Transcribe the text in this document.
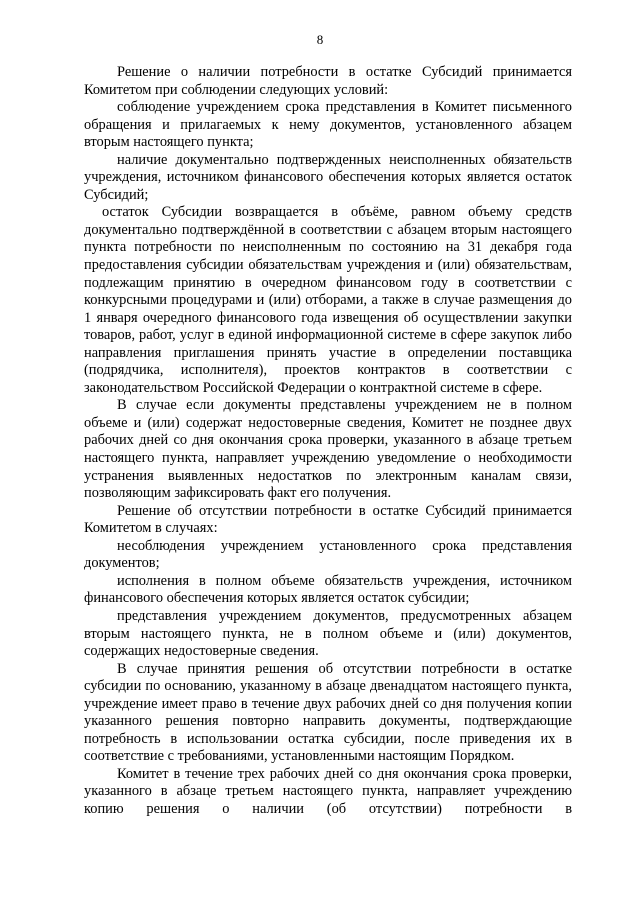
8

Решение о наличии потребности в остатке Субсидий принимается Комитетом при соблюдении следующих условий:

соблюдение учреждением срока представления в Комитет письменного обращения и прилагаемых к нему документов, установленного абзацем вторым настоящего пункта;

наличие документально подтвержденных неисполненных обязательств учреждения, источником финансового обеспечения которых является остаток Субсидий;

остаток Субсидии возвращается в объёме, равном объему средств документально подтверждённой в соответствии с абзацем вторым настоящего пункта потребности по неисполненным по состоянию на 31 декабря года предоставления субсидии обязательствам учреждения и (или) обязательствам, подлежащим принятию в очередном финансовом году в соответствии с конкурсными процедурами и (или) отборами, а также в случае размещения до 1 января очередного финансового года извещения об осуществлении закупки товаров, работ, услуг в единой информационной системе в сфере закупок либо направления приглашения принять участие в определении поставщика (подрядчика, исполнителя), проектов контрактов в соответствии с законодательством Российской Федерации о контрактной системе в сфере.

В случае если документы представлены учреждением не в полном объеме и (или) содержат недостоверные сведения, Комитет не позднее двух рабочих дней со дня окончания срока проверки, указанного в абзаце третьем настоящего пункта, направляет учреждению уведомление о необходимости устранения выявленных недостатков по электронным каналам связи, позволяющим зафиксировать факт его получения.

Решение об отсутствии потребности в остатке Субсидий принимается Комитетом в случаях:

несоблюдения учреждением установленного срока представления документов;

исполнения в полном объеме обязательств учреждения, источником финансового обеспечения которых является остаток субсидии;

представления учреждением документов, предусмотренных абзацем вторым настоящего пункта, не в полном объеме и (или) документов, содержащих недостоверные сведения.

В случае принятия решения об отсутствии потребности в остатке субсидии по основанию, указанному в абзаце двенадцатом настоящего пункта, учреждение имеет право в течение двух рабочих дней со дня получения копии указанного решения повторно направить документы, подтверждающие потребность в использовании остатка субсидии, после приведения их в соответствие с требованиями, установленными настоящим Порядком.

Комитет в течение трех рабочих дней со дня окончания срока проверки, указанного в абзаце третьем настоящего пункта, направляет учреждению копию решения о наличии (об отсутствии) потребности в
